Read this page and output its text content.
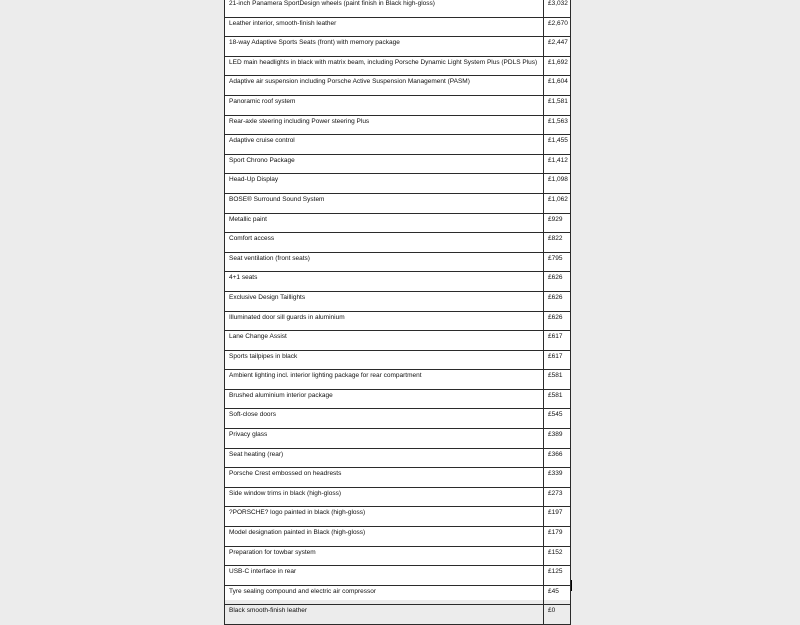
21-inch Panamera SportDesign wheels (paint finish in Black high-gloss)	£3,032
Leather interior, smooth-finish leather	£2,670
18-way Adaptive Sports Seats (front) with memory package	£2,447
LED main headlights in black with matrix beam, including Porsche Dynamic Light System Plus (PDLS Plus)	£1,692
Adaptive air suspension including Porsche Active Suspension Management (PASM)	£1,604
Panoramic roof system	£1,581
Rear-axle steering including Power steering Plus	£1,563
Adaptive cruise control	£1,455
Sport Chrono Package	£1,412
Head-Up Display	£1,098
BOSE® Surround Sound System	£1,062
Metallic paint	£929
Comfort access	£822
Seat ventilation (front seats)	£795
4+1 seats	£626
Exclusive Design Taillights	£626
Illuminated door sill guards in aluminium	£626
Lane Change Assist	£617
Sports tailpipes in black	£617
Ambient lighting incl. interior lighting package for rear compartment	£581
Brushed aluminium interior package	£581
Soft-close doors	£545
Privacy glass	£389
Seat heating (rear)	£366
Porsche Crest embossed on headrests	£339
Side window trims in black (high-gloss)	£273
?PORSCHE? logo painted in black (high-gloss)	£197
Model designation painted in Black (high-gloss)	£179
Preparation for towbar system	£152
USB-C interface in rear	£125
Tyre sealing compound and electric air compressor	£45
Black smooth-finish leather	£0
